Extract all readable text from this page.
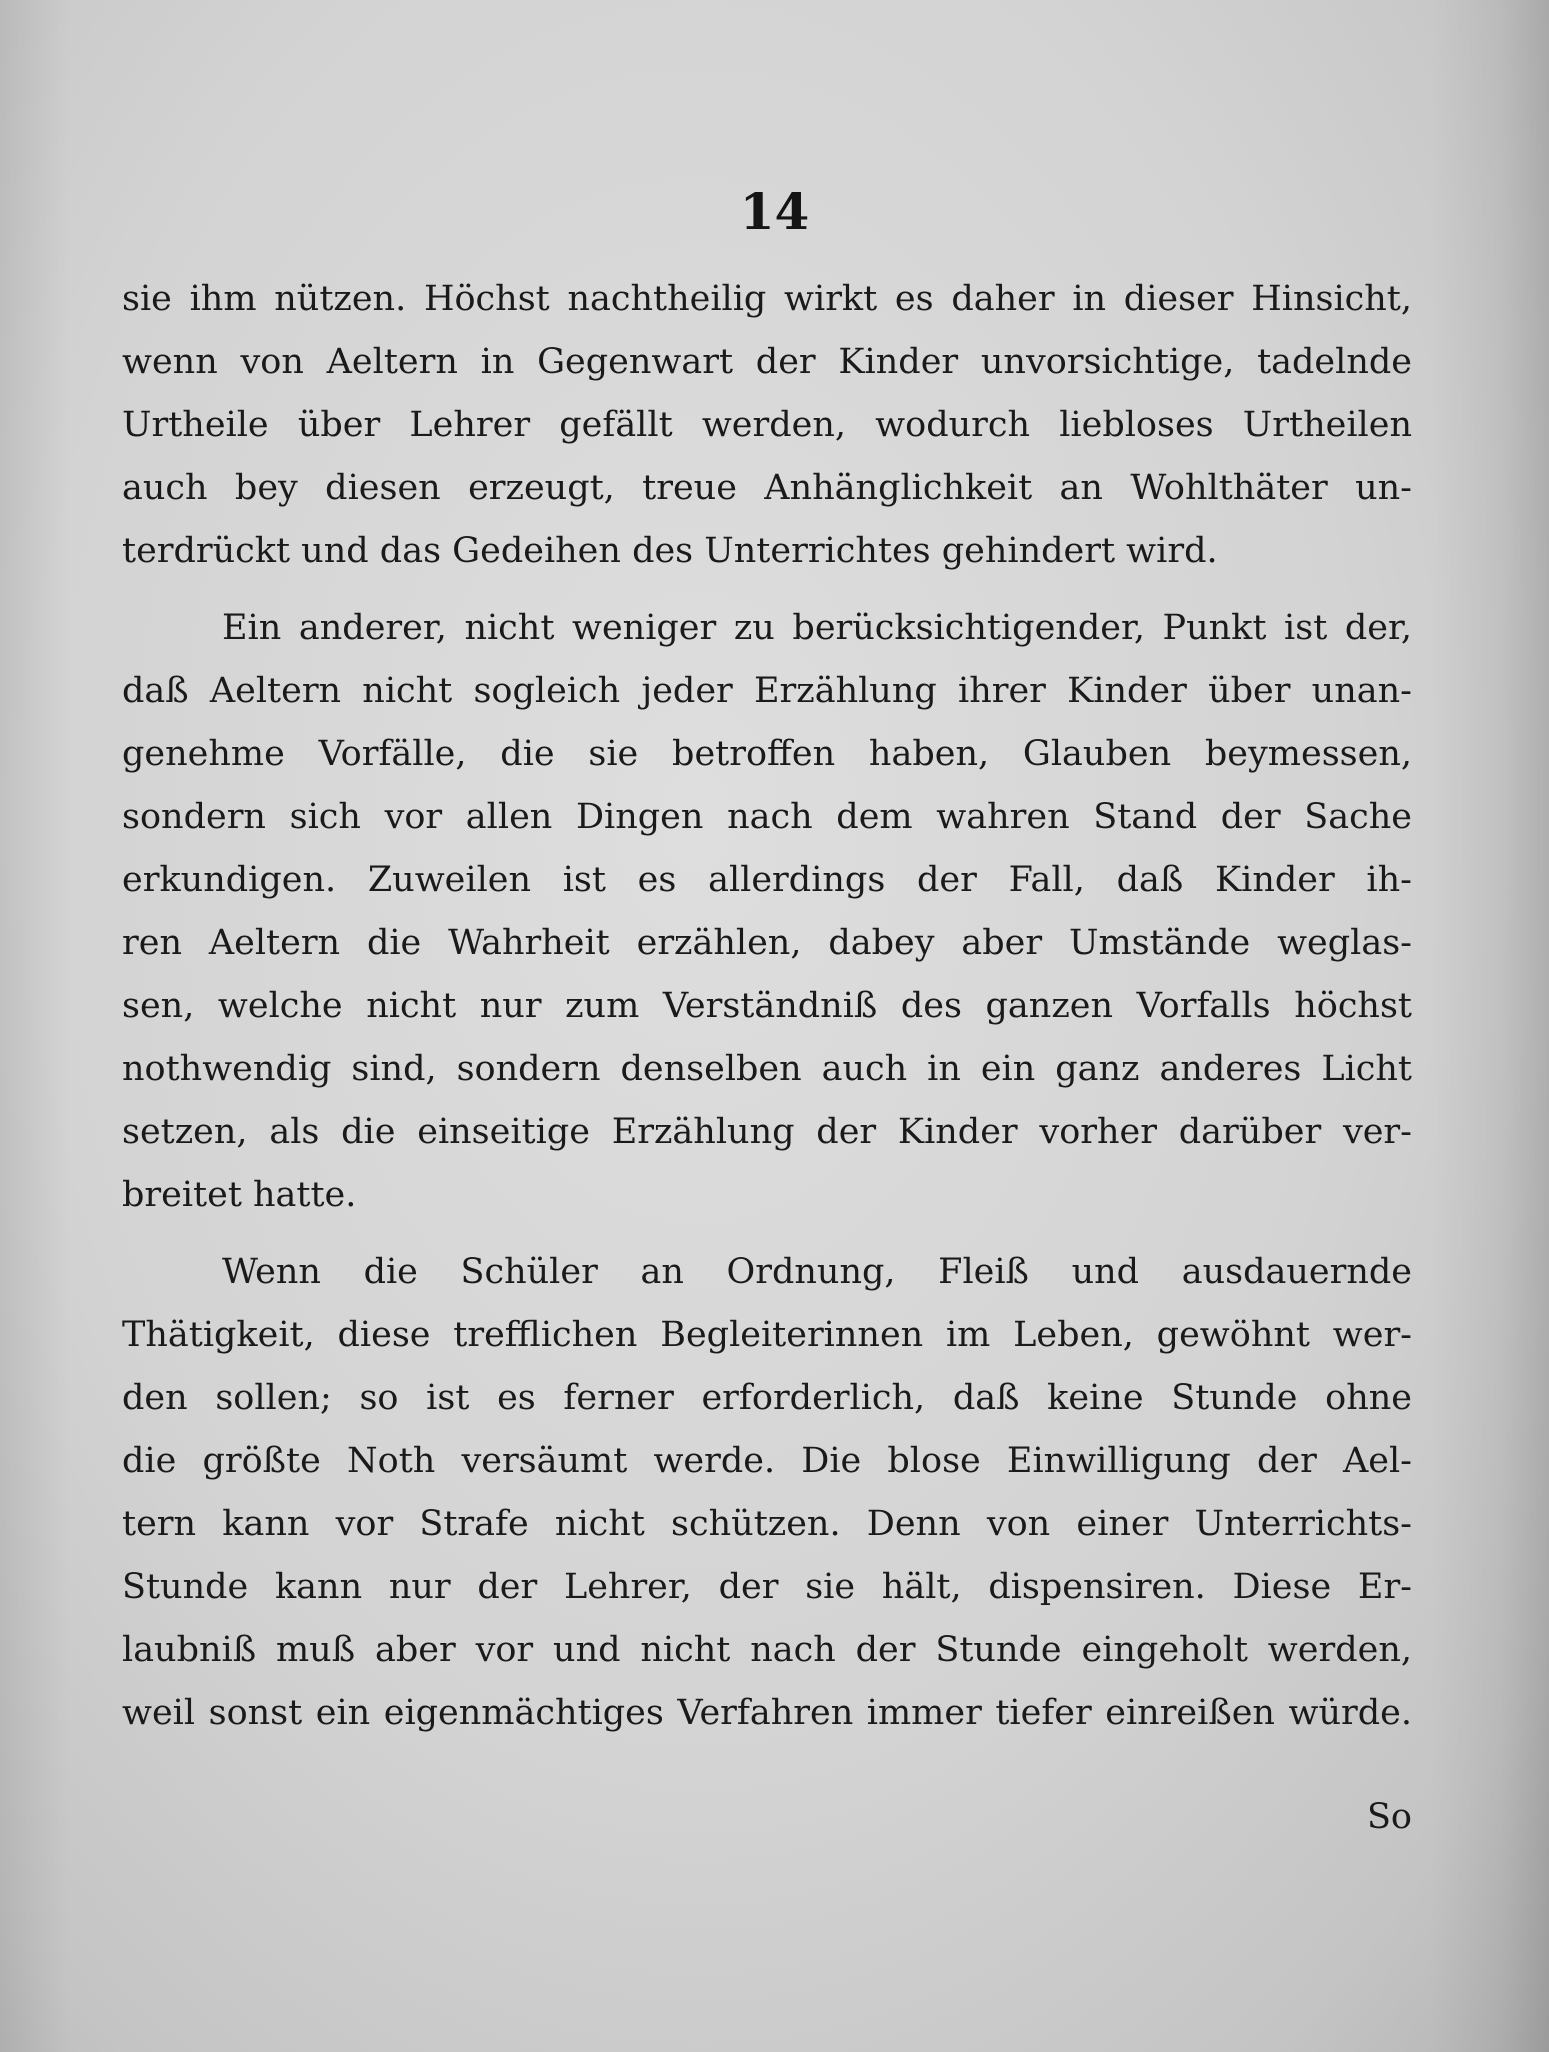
14
sie ihm nützen. Höchst nachtheilig wirkt es daher in dieser Hinsicht,
wenn von Aeltern in Gegenwart der Kinder unvorsichtige, tadelnde
Urtheile über Lehrer gefällt werden, wodurch liebloses Urtheilen
auch bey diesen erzeugt, treue Anhänglichkeit an Wohlthäter un-
terdrückt und das Gedeihen des Unterrichtes gehindert wird.
Ein anderer, nicht weniger zu berücksichtigender, Punkt ist der,
daß Aeltern nicht sogleich jeder Erzählung ihrer Kinder über unan-
genehme Vorfälle, die sie betroffen haben, Glauben beymessen,
sondern sich vor allen Dingen nach dem wahren Stand der Sache
erkundigen. Zuweilen ist es allerdings der Fall, daß Kinder ih-
ren Aeltern die Wahrheit erzählen, dabey aber Umstände weglas-
sen, welche nicht nur zum Verständniß des ganzen Vorfalls höchst
nothwendig sind, sondern denselben auch in ein ganz anderes Licht
setzen, als die einseitige Erzählung der Kinder vorher darüber ver-
breitet hatte.
Wenn die Schüler an Ordnung, Fleiß und ausdauernde
Thätigkeit, diese trefflichen Begleiterinnen im Leben, gewöhnt wer-
den sollen; so ist es ferner erforderlich, daß keine Stunde ohne
die größte Noth versäumt werde. Die blose Einwilligung der Ael-
tern kann vor Strafe nicht schützen. Denn von einer Unterrichts-
Stunde kann nur der Lehrer, der sie hält, dispensiren. Diese Er-
laubniß muß aber vor und nicht nach der Stunde eingeholt werden,
weil sonst ein eigenmächtiges Verfahren immer tiefer einreißen würde.
So
